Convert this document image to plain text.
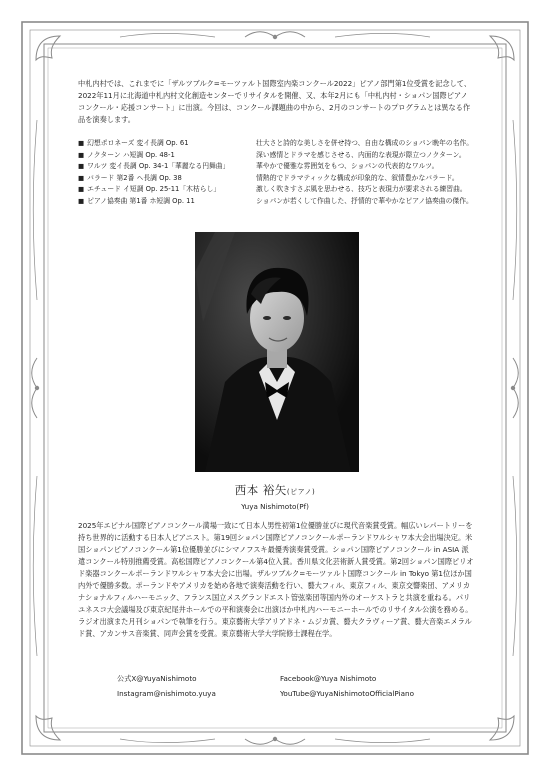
中札内村では、これまでに「ザルツブルク=モーツァルト国際室内楽コンクール2022」ピアノ部門第1位受賞を記念して、2022年11月に北海道中札内村文化創造センターでリサイタルを開催、又、本年2月にも「中札内村・ショパン国際ピアノコンクール・応援コンサート」に出演。今回は、コンクール課題曲の中から、2月のコンサートのプログラムとは異なる作品を演奏します。

■ 幻想ポロネーズ 変イ長調 Op. 61
■ ノクターン ハ短調 Op. 48-1
■ ワルツ 変イ長調 Op. 34-1「華麗なる円舞曲」
■ バラード 第2番 ヘ長調 Op. 38
■ エチュード イ短調 Op. 25-11「木枯らし」
■ ピアノ協奏曲 第1番 ホ短調 Op. 11
壮大さと詩的な美しさを併せ持つ、自由な構成のショパン晩年の名作。
深い感情とドラマを感じさせる、内面的な表現が際立つノクターン。
華やかで優雅な雰囲気をもつ、ショパンの代表的なワルツ。
情熱的でドラマティックな構成が印象的な、叙情豊かなバラード。
激しく吹きすさぶ風を思わせる、技巧と表現力が要求される練習曲。
ショパンが若くして作曲した、抒情的で華やかなピアノ協奏曲の傑作。
西本 裕矢(ピアノ)
Yuya Nishimoto(Pf)

2025年エピナル国際ピアノコンクール満場一致にて日本人男性初第1位優勝並びに現代音楽賞受賞。幅広いレパートリーを持ち世界的に活動する日本人ピアニスト。第19回ショパン国際ピアノコンクールポーランドワルシャワ本大会出場決定。米国ショパンピアノコンクール第1位優勝並びにシマノフスキ最優秀演奏賞受賞。ショパン国際ピアノコンクール in ASIA 派遣コンクール特別推薦受賞。高松国際ピアノコンクール第4位入賞。香川県文化芸術新人賞受賞。第2回ショパン国際ピリオド楽器コンクールポーランドワルシャワ本大会に出場。ザルツブルク=モーツァルト国際コンクール in Tokyo 第1位ほか国内外で優勝多数。ポーランドやアメリカを始め各地で演奏活動を行い、藝大フィル、東京フィル、東京交響楽団、アメリカナショナルフィルハーモニック、フランス国立メスグランドエスト管弦楽団等国内外のオーケストラと共演を重ねる。パリユネスコ大会議場及び東京紀尾井ホールでの平和演奏会に出演ほか中札内ハーモニーホールでのリサイタル公演を務める。ラジオ出演また月刊ショパンで執筆を行う。東京藝術大学アリアドネ・ムジカ賞、藝大クラヴィーア賞、藝大音楽エメラルド賞、アカンサス音楽賞、同声会賞を受賞。東京藝術大学大学院修士課程在学。

公式X@YuyaNishimoto	Facebook@Yuya Nishimoto
Instagram@nishimoto.yuya	YouTube@YuyaNishimotoOfficialPiano
